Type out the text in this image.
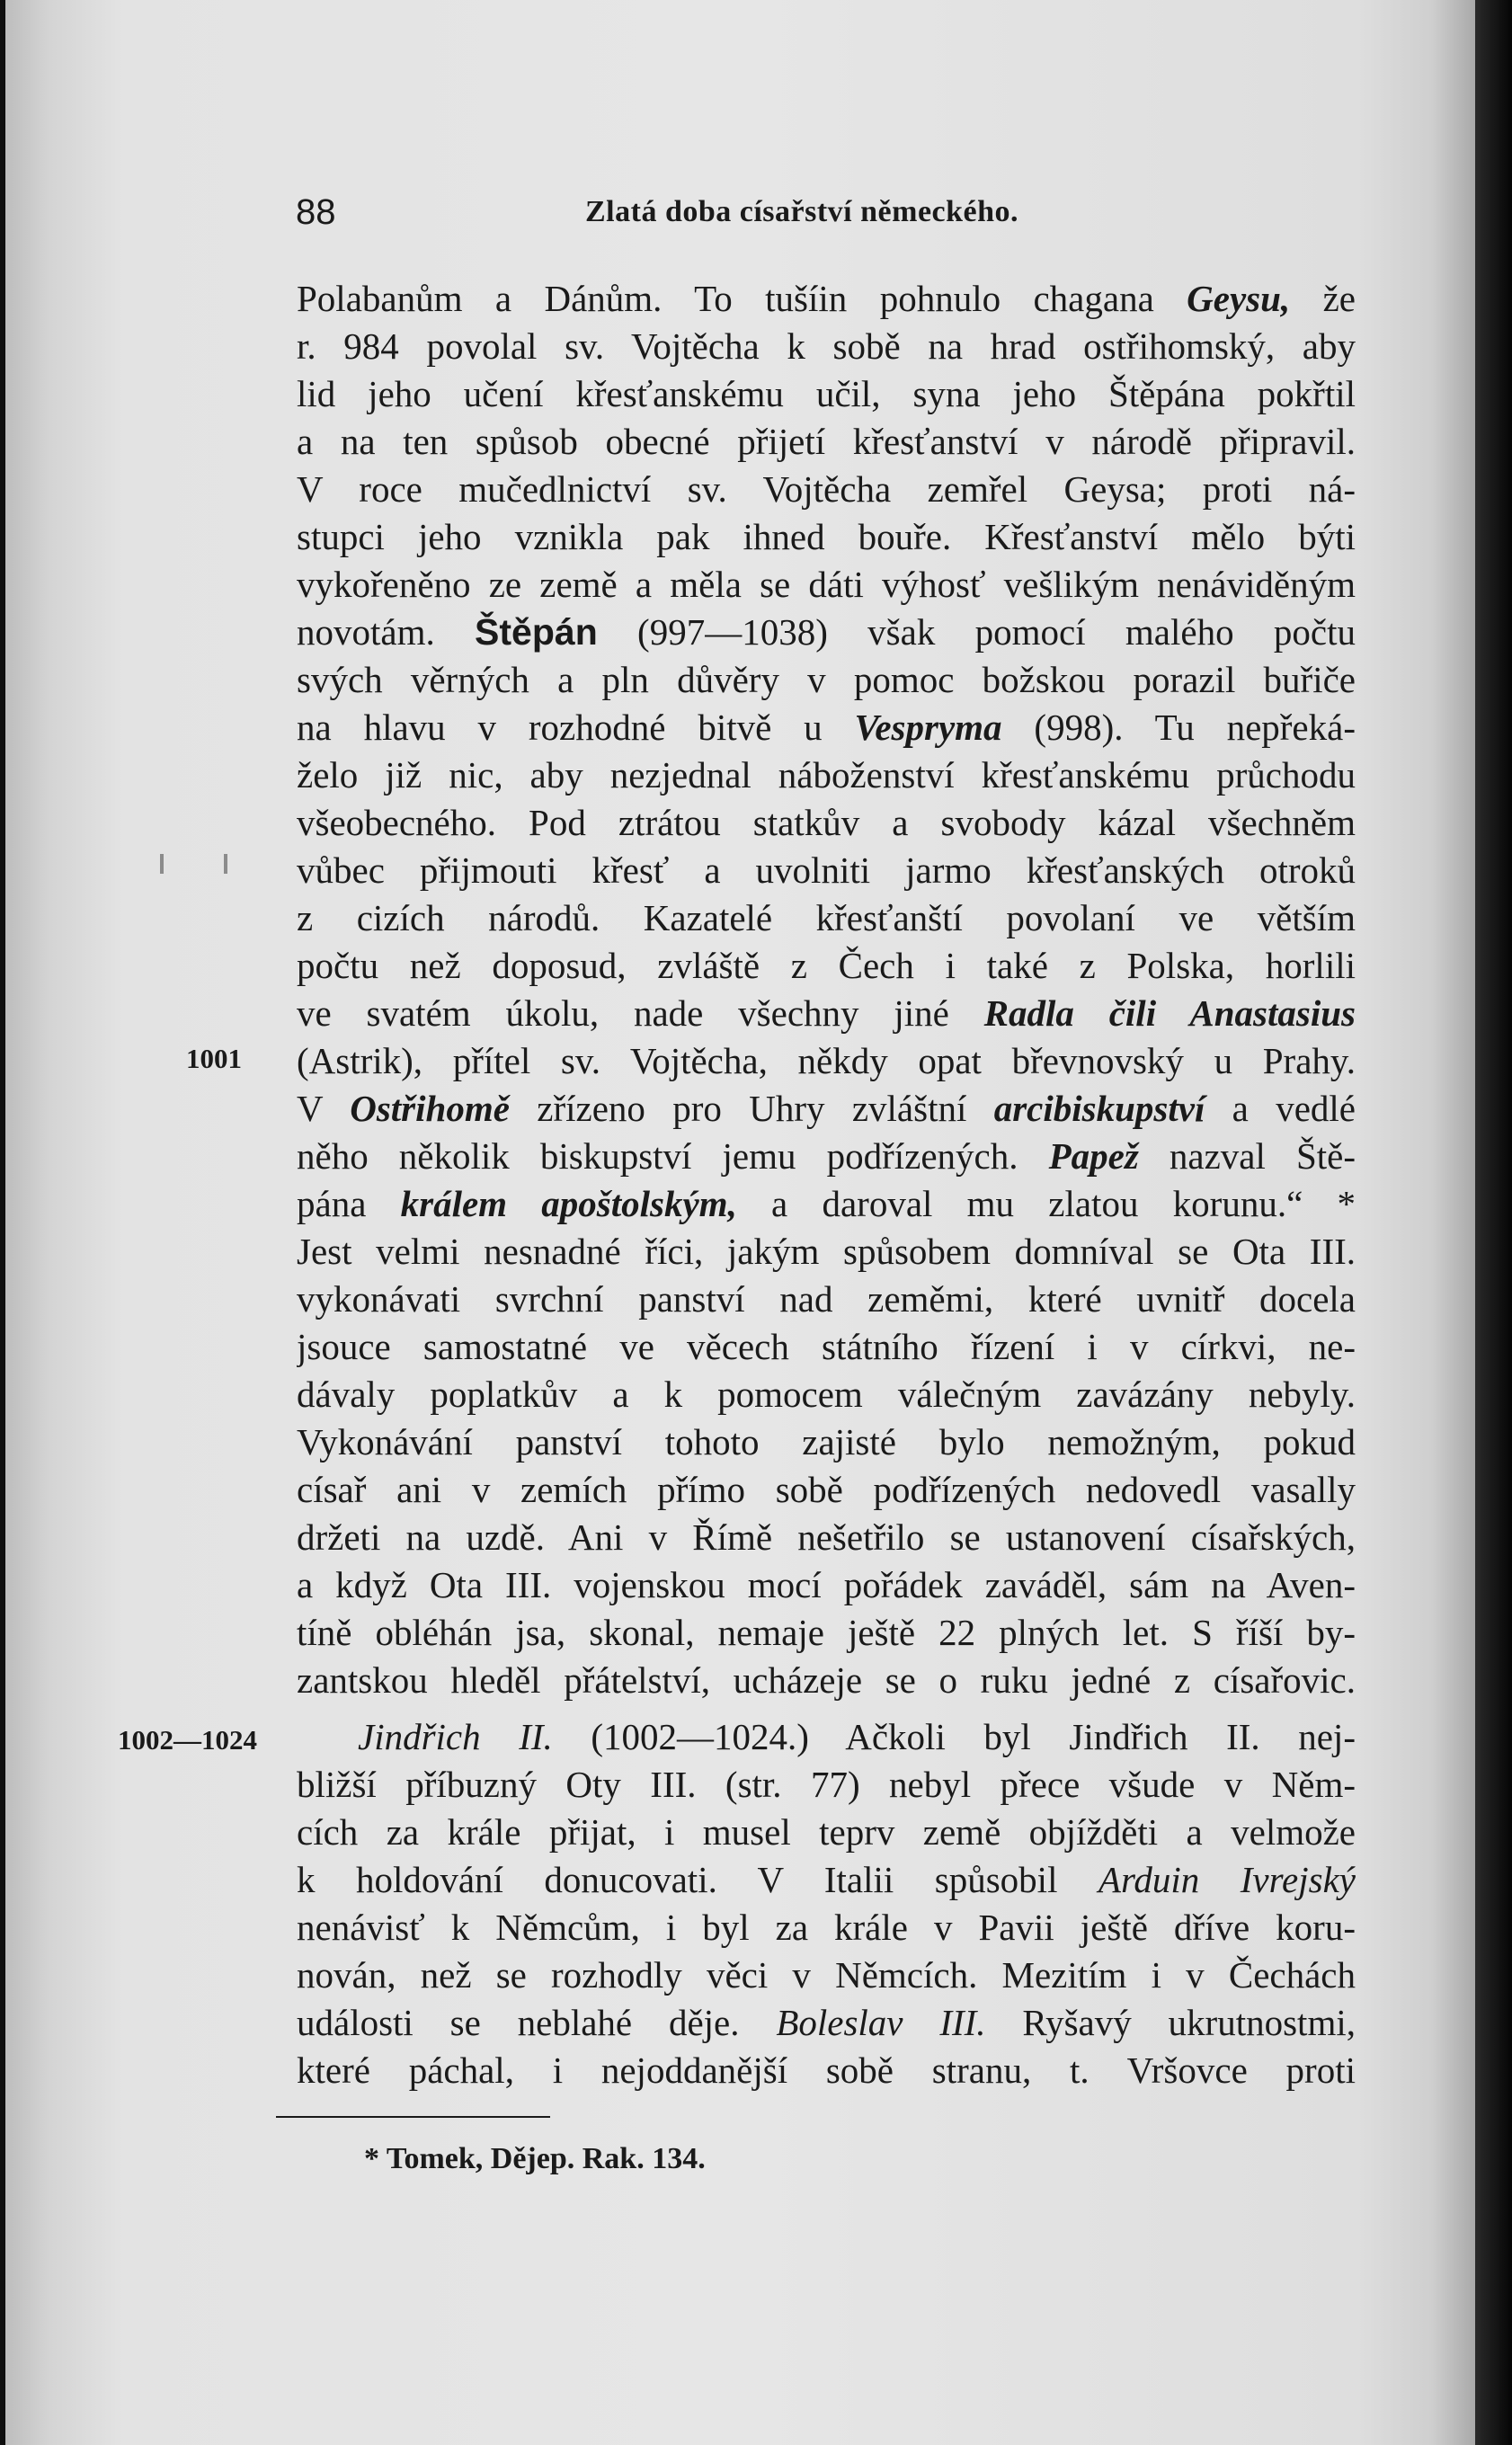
88	Zlatá doba císařství německého.
1001
1002—1024
Polabanům a Dánům. To tušíin pohnulo chagana Geysu, že
r. 984 povolal sv. Vojtěcha k sobě na hrad ostřihomský, aby
lid jeho učení křesťanskému učil, syna jeho Štěpána pokřtil
a na ten spůsob obecné přijetí křesťanství v národě připravil.
V roce mučedlnictví sv. Vojtěcha zemřel Geysa; proti ná-
stupci jeho vznikla pak ihned bouře. Křesťanství mělo býti
vykořeněno ze země a měla se dáti výhosť vešlikým nenáviděným
novotám. Štěpán (997—1038) však pomocí malého počtu
svých věrných a pln důvěry v pomoc božskou porazil buřiče
na hlavu v rozhodné bitvě u Vespryma (998). Tu nepřeká-
želo již nic, aby nezjednal náboženství křesťanskému průchodu
všeobecného. Pod ztrátou statkův a svobody kázal všechněm
vůbec přijmouti křesť a uvolniti jarmo křesťanských otroků
z cizích národů. Kazatelé křesťanští povolaní ve větším
počtu než doposud, zvláště z Čech i také z Polska, horlili
ve svatém úkolu, nade všechny jiné Radla čili Anastasius
(Astrik), přítel sv. Vojtěcha, někdy opat břevnovský u Prahy.
V Ostřihomě zřízeno pro Uhry zvláštní arcibiskupství a vedlé
něho několik biskupství jemu podřízených. Papež nazval Ště-
pána králem apoštolským, a daroval mu zlatou korunu.“ *
Jest velmi nesnadné říci, jakým spůsobem domníval se Ota III.
vykonávati svrchní panství nad zeměmi, které uvnitř docela
jsouce samostatné ve věcech státního řízení i v církvi, ne-
dávaly poplatkův a k pomocem válečným zavázány nebyly.
Vykonávání panství tohoto zajisté bylo nemožným, pokud
císař ani v zemích přímo sobě podřízených nedovedl vasally
držeti na uzdě. Ani v Římě nešetřilo se ustanovení císařských,
a když Ota III. vojenskou mocí pořádek zaváděl, sám na Aven-
tíně obléhán jsa, skonal, nemaje ještě 22 plných let. S říší by-
zantskou hleděl přátelství, ucházeje se o ruku jedné z císařovic.
Jindřich II. (1002—1024.) Ačkoli byl Jindřich II. nej-
bližší příbuzný Oty III. (str. 77) nebyl přece všude v Něm-
cích za krále přijat, i musel teprv země objížděti a velmože
k holdování donucovati. V Italii spůsobil Arduin Ivrejský
nenávisť k Němcům, i byl za krále v Pavii ještě dříve koru-
nován, než se rozhodly věci v Němcích. Mezitím i v Čechách
události se neblahé děje. Boleslav III. Ryšavý ukrutnostmi,
které páchal, i nejoddanější sobě stranu, t. Vršovce proti
* Tomek, Dějep. Rak. 134.
